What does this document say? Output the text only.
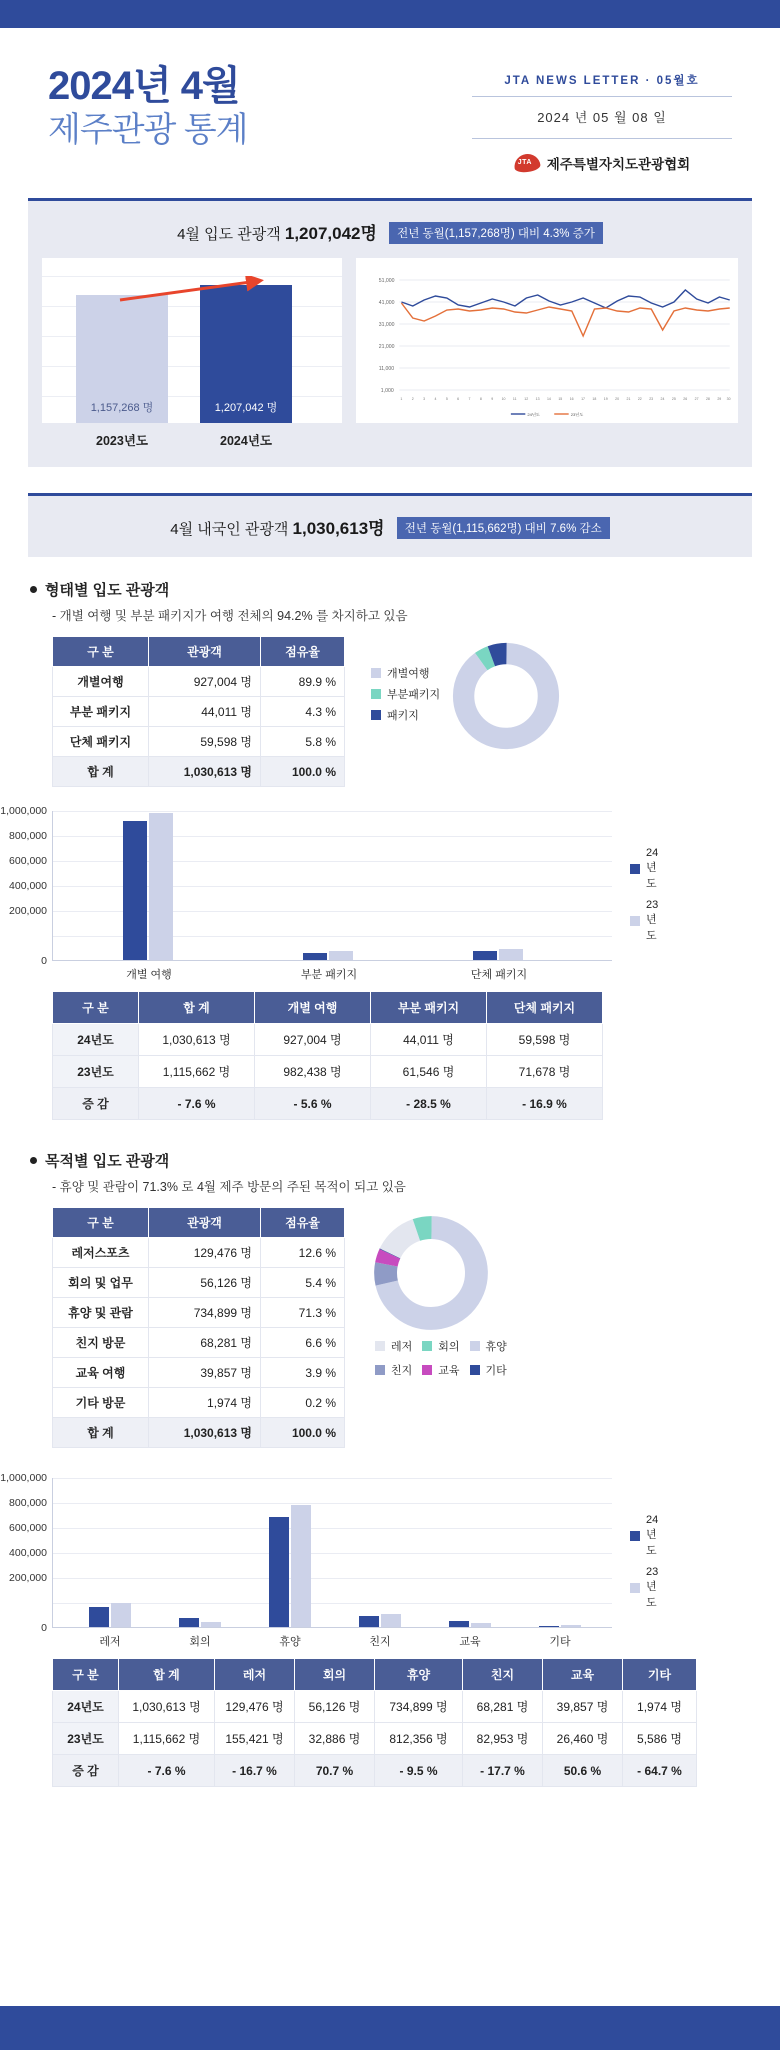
2024년 4월
제주관광 통계
JTA NEWS LETTER · 05월호
2024 년 05 월 08 일
JTA 제주특별자치도관광협회
4월 입도 관광객 1,207,042명 전년 동월(1,157,268명) 대비 4.3% 증가
1,157,268 명	1,207,042 명
2023년도	2024년도
51,000
41,000
31,000
21,000
11,000
1,000
1	2	3	4	5	6	7	8	9 10 11 12 13 14 15 16 17 18 19 20 21 22 23 24 25 26 27 28 29 30
24년도	23년도
4월 내국인 관광객 1,030,613명 전년 동월(1,115,662명) 대비 7.6% 감소
형태별 입도 관광객
- 개별 여행 및 부분 패키지가 여행 전체의 94.2% 를 차지하고 있음
구 분	관광객	점유율
개별여행	927,004 명	89.9 %
부분 패키지	44,011 명	4.3 %
단체 패키지	59,598 명	5.8 %
합 계	1,030,613 명	100.0 %
개별여행
부분패키지
패키지
1,000,000
800,000
600,000
400,000
200,000
0
개별 여행	부분 패키지	단체 패키지
24년도
23년도
구 분	합 계	개별 여행	부분 패키지	단체 패키지
24년도	1,030,613 명	927,004 명	44,011 명	59,598 명
23년도	1,115,662 명	982,438 명	61,546 명	71,678 명
증 감	- 7.6 %	- 5.6 %	- 28.5 %	- 16.9 %
목적별 입도 관광객
- 휴양 및 관람이 71.3% 로 4월 제주 방문의 주된 목적이 되고 있음
구 분	관광객	점유율
레저스포츠	129,476 명	12.6 %
회의 및 업무	56,126 명	5.4 %
휴양 및 관람	734,899 명	71.3 %
친지 방문	68,281 명	6.6 %
교육 여행	39,857 명	3.9 %
기타 방문	1,974 명	0.2 %
합 계	1,030,613 명	100.0 %
레저 회의 휴양
친지 교육 기타
1,000,000
800,000
600,000
400,000
200,000
0
레저	회의	휴양	친지	교육	기타
24년도
23년도
구 분	합 계	레저	회의	휴양	친지	교육	기타
24년도	1,030,613 명	129,476 명	56,126 명	734,899 명	68,281 명	39,857 명	1,974 명
23년도	1,115,662 명	155,421 명	32,886 명	812,356 명	82,953 명	26,460 명	5,586 명
증 감	- 7.6 %	- 16.7 %	70.7 %	- 9.5 %	- 17.7 %	50.6 %	- 64.7 %
